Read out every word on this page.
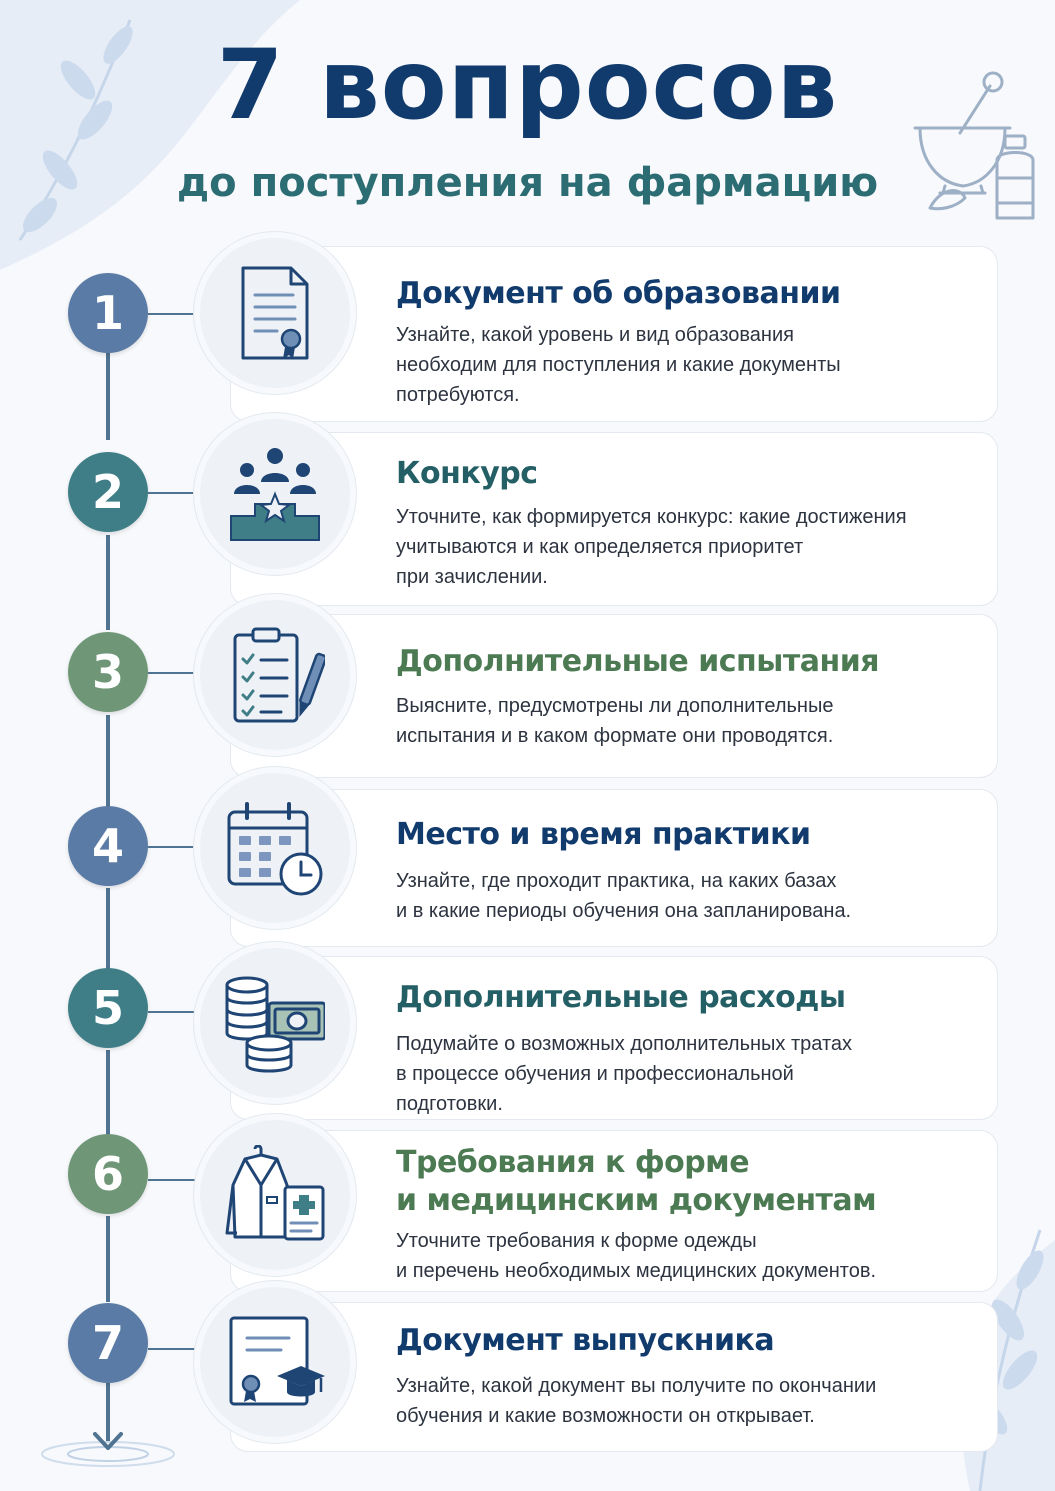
7 вопросов
до поступления на фармацию
1	Документ об образовании
Узнайте, какой уровень и вид образования
необходим для поступления и какие документы
потребуются.
2	Конкурс
Уточните, как формируется конкурс: какие достижения
учитываются и как определяется приоритет
при зачислении.
3	Дополнительные испытания
Выясните, предусмотрены ли дополнительные
испытания и в каком формате они проводятся.
4	Место и время практики
Узнайте, где проходит практика, на каких базах
и в какие периоды обучения она запланирована.
5	Дополнительные расходы
Подумайте о возможных дополнительных тратах
в процессе обучения и профессиональной
подготовки.
6	Требования к форме
и медицинским документам
Уточните требования к форме одежды
и перечень необходимых медицинских документов.
7	Документ выпускника
Узнайте, какой документ вы получите по окончании
обучения и какие возможности он открывает.
